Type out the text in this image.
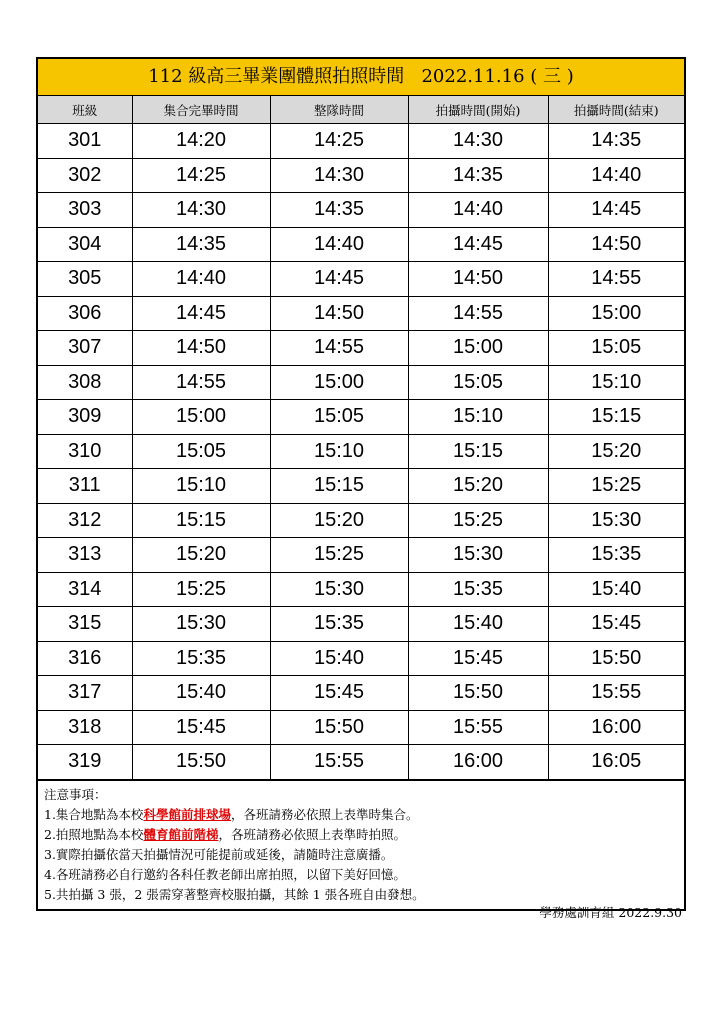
112 級高三畢業團體照拍照時間   2022.11.16 ( 三 )
班級	集合完畢時間	整隊時間	拍攝時間(開始)	拍攝時間(結束)
301	14:20	14:25	14:30	14:35
302	14:25	14:30	14:35	14:40
303	14:30	14:35	14:40	14:45
304	14:35	14:40	14:45	14:50
305	14:40	14:45	14:50	14:55
306	14:45	14:50	14:55	15:00
307	14:50	14:55	15:00	15:05
308	14:55	15:00	15:05	15:10
309	15:00	15:05	15:10	15:15
310	15:05	15:10	15:15	15:20
311	15:10	15:15	15:20	15:25
312	15:15	15:20	15:25	15:30
313	15:20	15:25	15:30	15:35
314	15:25	15:30	15:35	15:40
315	15:30	15:35	15:40	15:45
316	15:35	15:40	15:45	15:50
317	15:40	15:45	15:50	15:55
318	15:45	15:50	15:55	16:00
319	15:50	15:55	16:00	16:05
注意事項：
1.集合地點為本校科學館前排球場，各班請務必依照上表準時集合。
2.拍照地點為本校體育館前階梯，各班請務必依照上表準時拍照。
3.實際拍攝依當天拍攝情況可能提前或延後，請隨時注意廣播。
4.各班請務必自行邀約各科任教老師出席拍照，以留下美好回憶。
5.共拍攝 3 張，2 張需穿著整齊校服拍攝，其餘 1 張各班自由發想。
學務處訓育組 2022.9.30
